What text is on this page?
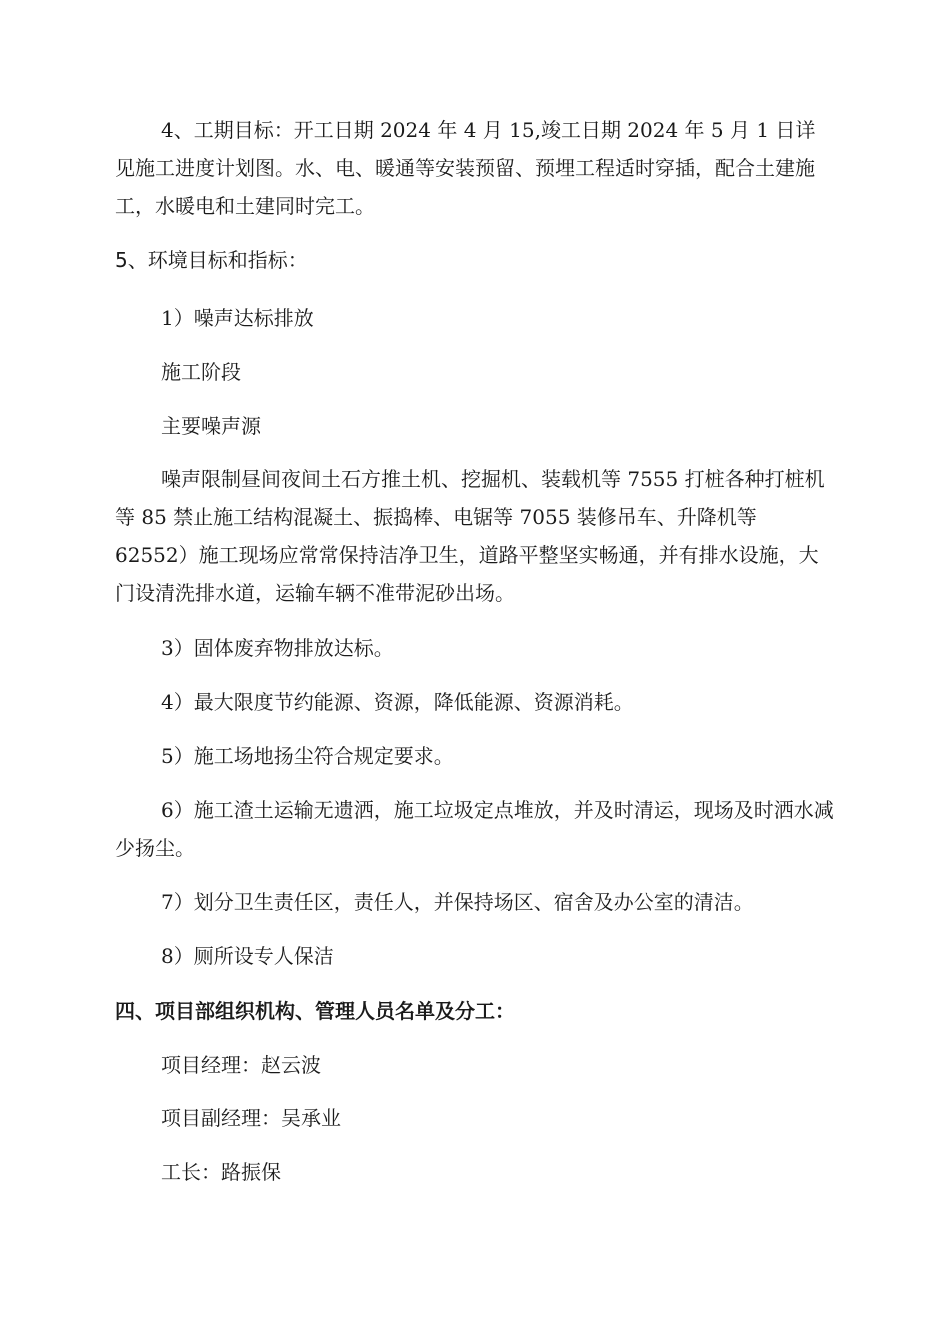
4、工期目标：开工日期 2024 年 4 月 15,竣工日期 2024 年 5 月 1 日详见施工进度计划图。水、电、暖通等安装预留、预埋工程适时穿插，配合土建施工，水暖电和土建同时完工。

5、环境目标和指标：

1）噪声达标排放

施工阶段

主要噪声源

噪声限制昼间夜间土石方推土机、挖掘机、装载机等 7555 打桩各种打桩机等 85 禁止施工结构混凝土、振捣棒、电锯等 7055 装修吊车、升降机等 62552）施工现场应常常保持洁净卫生，道路平整坚实畅通，并有排水设施，大门设清洗排水道，运输车辆不准带泥砂出场。

3）固体废弃物排放达标。

4）最大限度节约能源、资源，降低能源、资源消耗。

5）施工场地扬尘符合规定要求。

6）施工渣土运输无遗洒，施工垃圾定点堆放，并及时清运，现场及时洒水减少扬尘。

7）划分卫生责任区，责任人，并保持场区、宿舍及办公室的清洁。

8）厕所设专人保洁

四、项目部组织机构、管理人员名单及分工：

项目经理：赵云波

项目副经理：吴承业

工长：路振保
